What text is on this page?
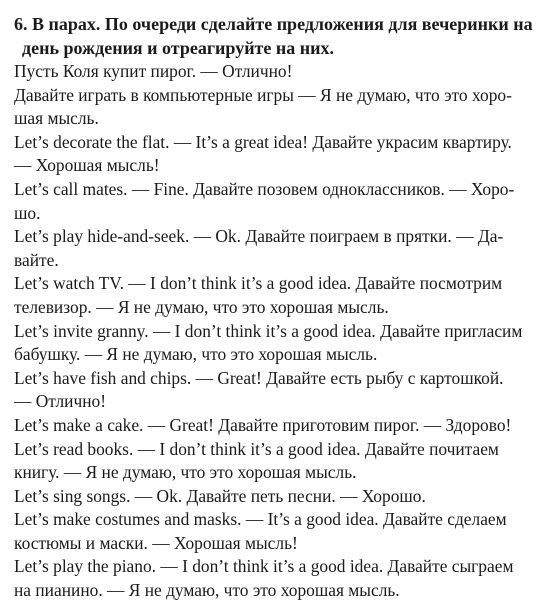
6. В парах. По очереди сделайте предложения для вечеринки на
день рождения и отреагируйте на них.
Пусть Коля купит пирог. — Отлично!
Давайте играть в компьютерные игры — Я не думаю, что это хоро-
шая мысль.
Let’s decorate the flat. — It’s a great idea! Давайте украсим квартиру.
— Хорошая мысль!
Let’s call mates. — Fine. Давайте позовем одноклассников. — Хоро-
шо.
Let’s play hide-and-seek. — Ok. Давайте поиграем в прятки. — Да-
вайте.
Let’s watch TV. — I don’t think it’s a good idea. Давайте посмотрим
телевизор. — Я не думаю, что это хорошая мысль.
Let’s invite granny. — I don’t think it’s a good idea. Давайте пригласим
бабушку. — Я не думаю, что это хорошая мысль.
Let’s have fish and chips. — Great! Давайте есть рыбу с картошкой.
— Отлично!
Let’s make a cake. — Great! Давайте приготовим пирог. — Здорово!
Let’s read books. — I don’t think it’s a good idea. Давайте почитаем
книгу. — Я не думаю, что это хорошая мысль.
Let’s sing songs. — Ok. Давайте петь песни. — Хорошо.
Let’s make costumes and masks. — It’s a good idea. Давайте сделаем
костюмы и маски. — Хорошая мысль!
Let’s play the piano. — I don’t think it’s a good idea. Давайте сыграем
на пианино. — Я не думаю, что это хорошая мысль.
